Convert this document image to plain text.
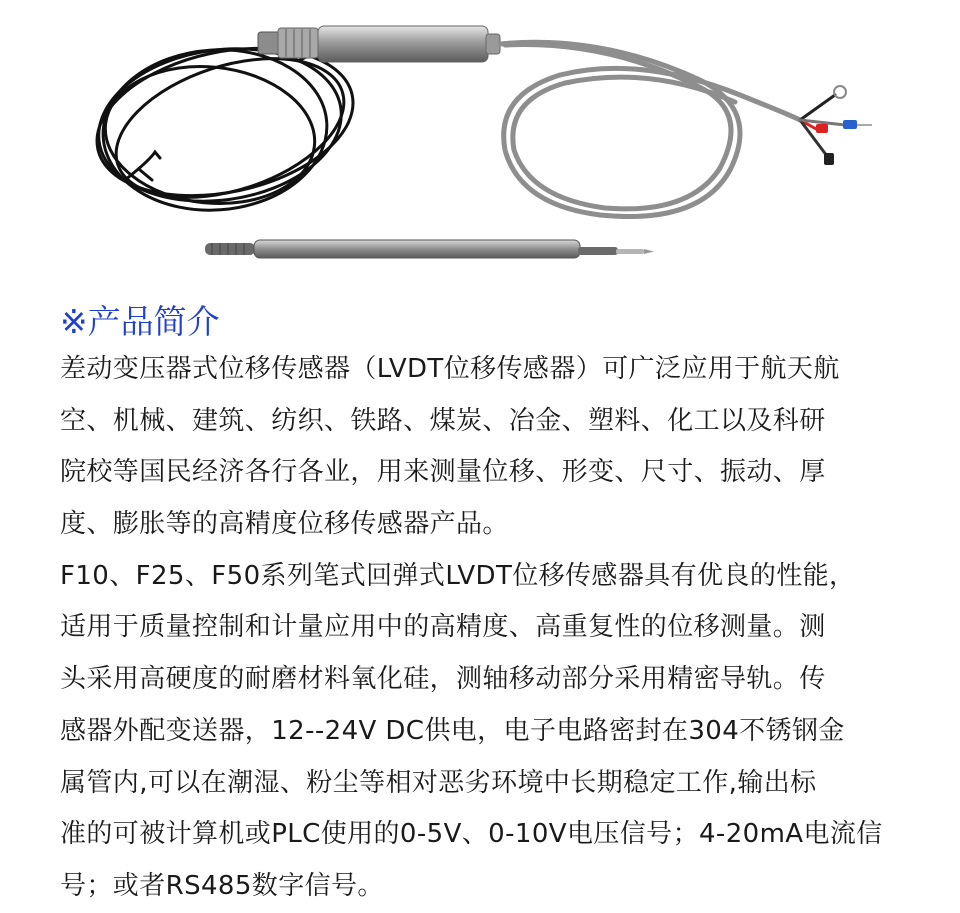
※产品简介

差动变压器式位移传感器（LVDT位移传感器）可广泛应用于航天航
空、机械、建筑、纺织、铁路、煤炭、冶金、塑料、化工以及科研
院校等国民经济各行各业，用来测量位移、形变、尺寸、振动、厚
度、膨胀等的高精度位移传感器产品。

F10、F25、F50系列笔式回弹式LVDT位移传感器具有优良的性能，
适用于质量控制和计量应用中的高精度、高重复性的位移测量。测
头采用高硬度的耐磨材料氧化硅，测轴移动部分采用精密导轨。传
感器外配变送器，12--24V DC供电，电子电路密封在304不锈钢金
属管内,可以在潮湿、粉尘等相对恶劣环境中长期稳定工作,输出标
准的可被计算机或PLC使用的0-5V、0-10V电压信号；4-20mA电流信
号；或者RS485数字信号。
